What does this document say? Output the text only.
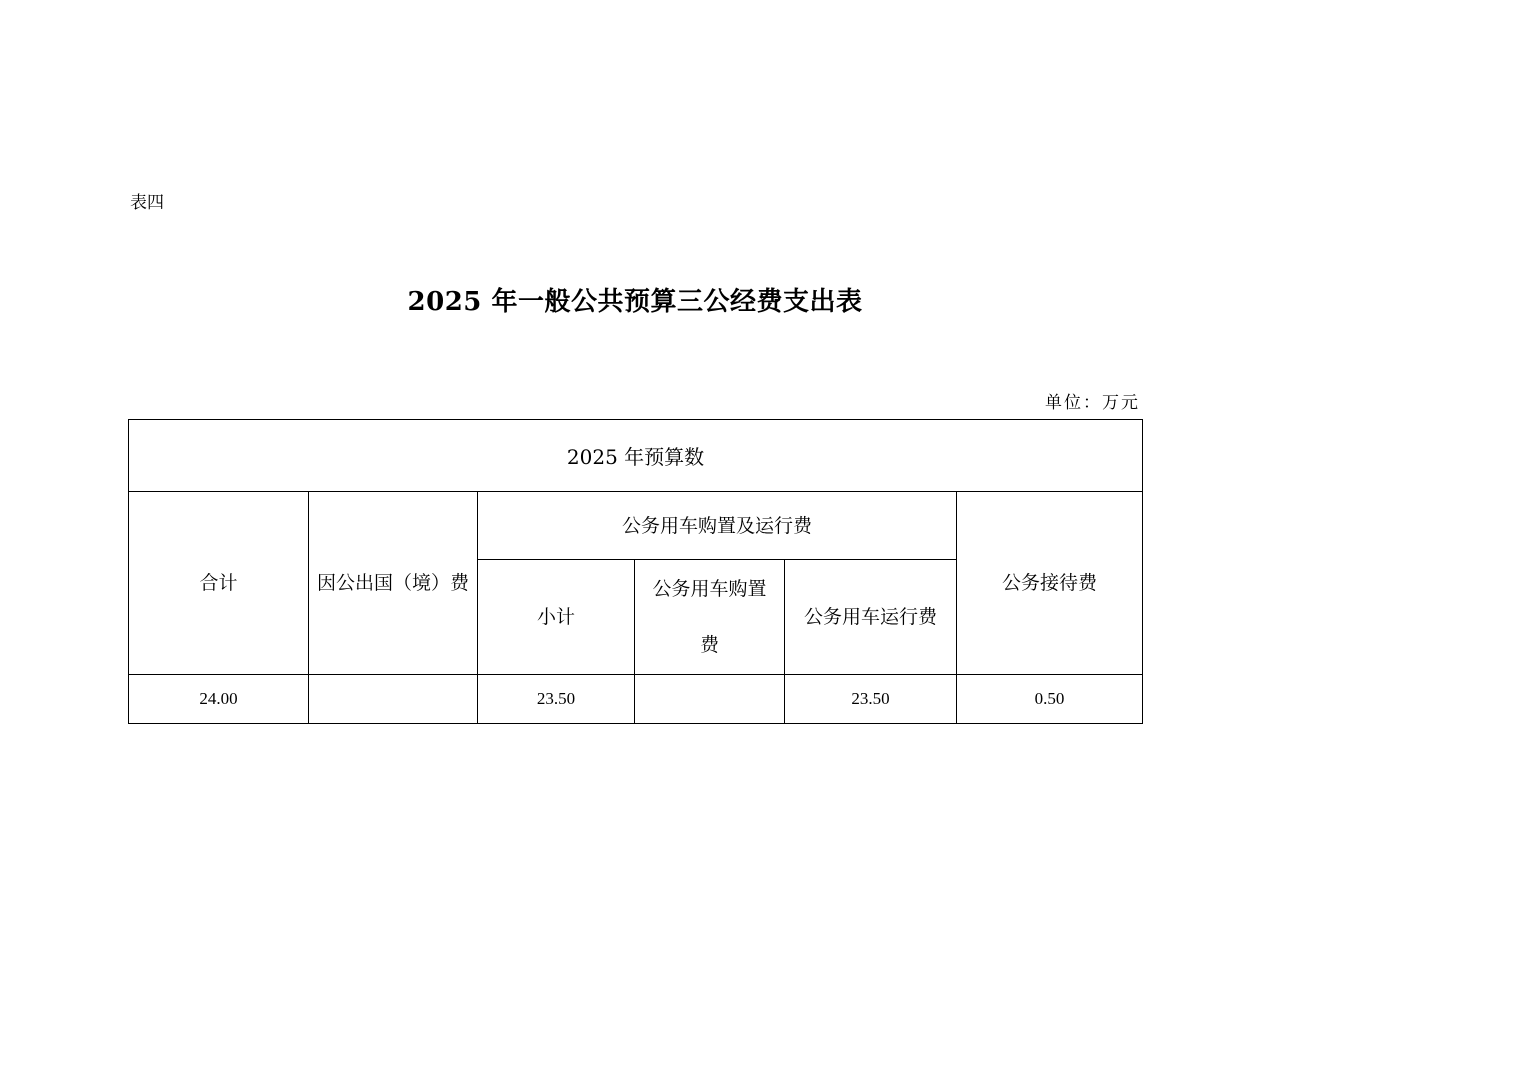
表四
2025 年一般公共预算三公经费支出表
单位：万元
2025 年预算数					
合计	因公出国（境）费	公务用车购置及运行费			公务接待费
		小计	公务用车购置费	公务用车运行费	
24.00		23.50		23.50	0.50
